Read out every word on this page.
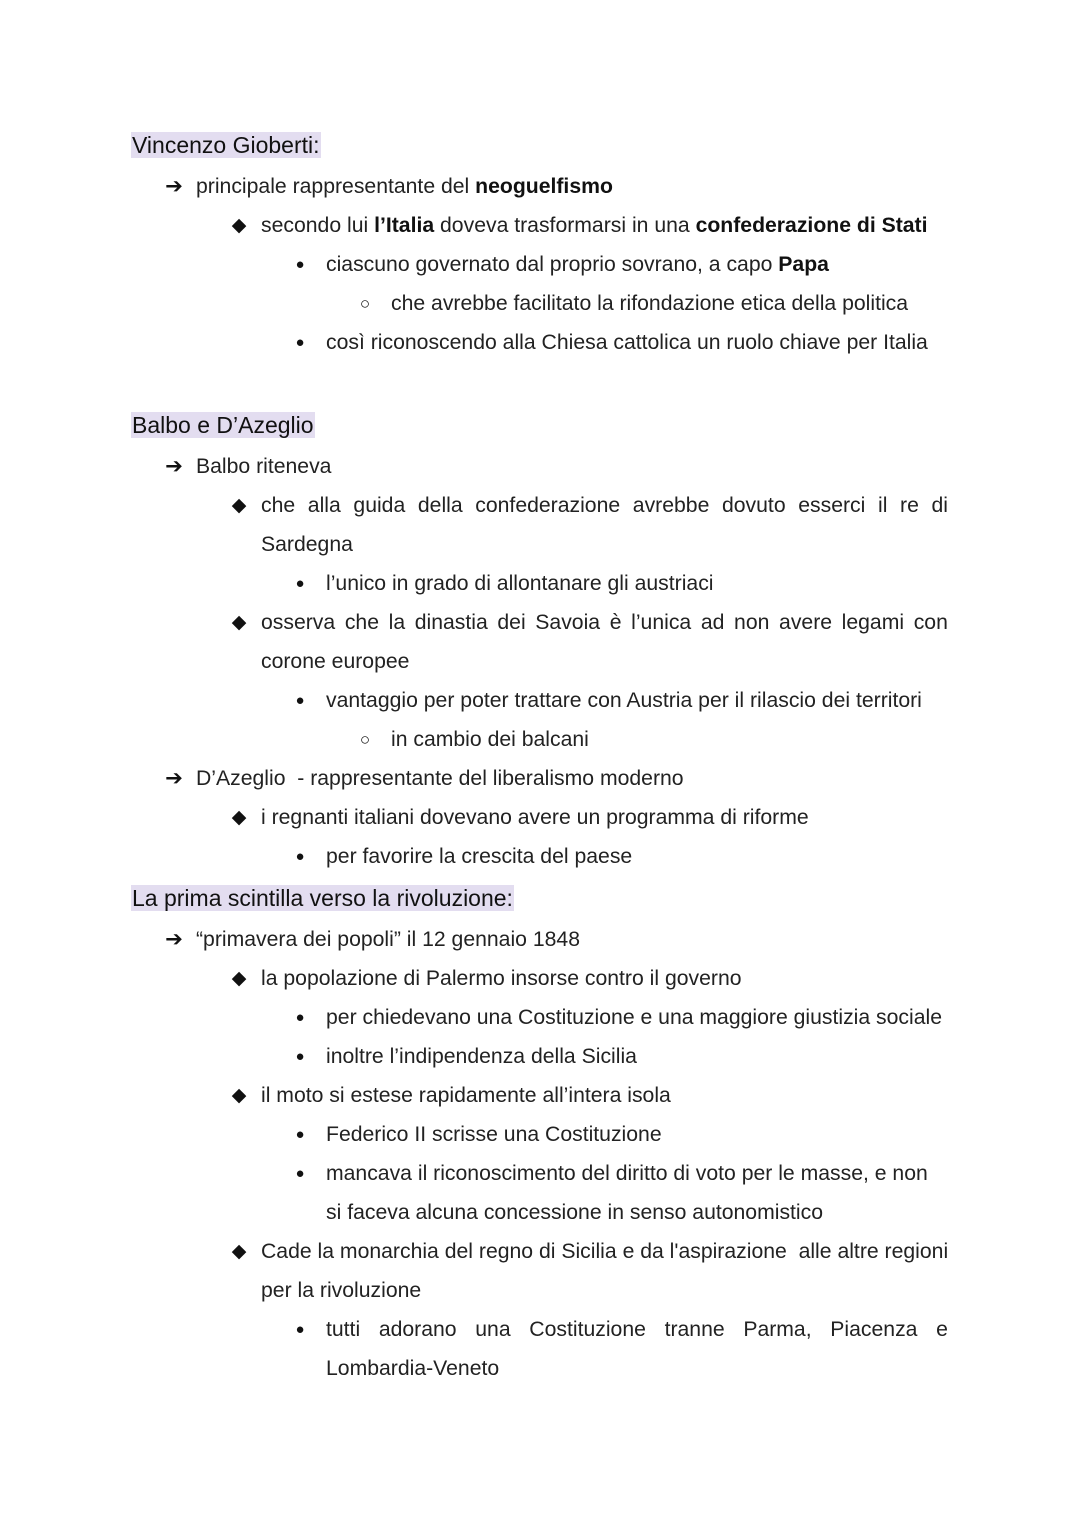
Vincenzo Gioberti:
➔ principale rappresentante del neoguelfismo
◆ secondo lui l’Italia doveva trasformarsi in una confederazione di Stati
● ciascuno governato dal proprio sovrano, a capo Papa
○ che avrebbe facilitato la rifondazione etica della politica
● così riconoscendo alla Chiesa cattolica un ruolo chiave per Italia
Balbo e D’Azeglio
➔ Balbo riteneva
◆ che alla guida della confederazione avrebbe dovuto esserci il re di
Sardegna
● l’unico in grado di allontanare gli austriaci
◆ osserva che la dinastia dei Savoia è l’unica ad non avere legami con
corone europee
● vantaggio per poter trattare con Austria per il rilascio dei territori
○ in cambio dei balcani
➔ D’Azeglio  - rappresentante del liberalismo moderno
◆ i regnanti italiani dovevano avere un programma di riforme
● per favorire la crescita del paese
La prima scintilla verso la rivoluzione:
➔ “primavera dei popoli” il 12 gennaio 1848
◆ la popolazione di Palermo insorse contro il governo
● per chiedevano una Costituzione e una maggiore giustizia sociale
● inoltre l’indipendenza della Sicilia
◆ il moto si estese rapidamente all’intera isola
● Federico II scrisse una Costituzione
● mancava il riconoscimento del diritto di voto per le masse, e non
si faceva alcuna concessione in senso autonomistico
◆ Cade la monarchia del regno di Sicilia e da l'aspirazione  alle altre regioni
per la rivoluzione
● tutti adorano una Costituzione tranne Parma, Piacenza e
Lombardia-Veneto
